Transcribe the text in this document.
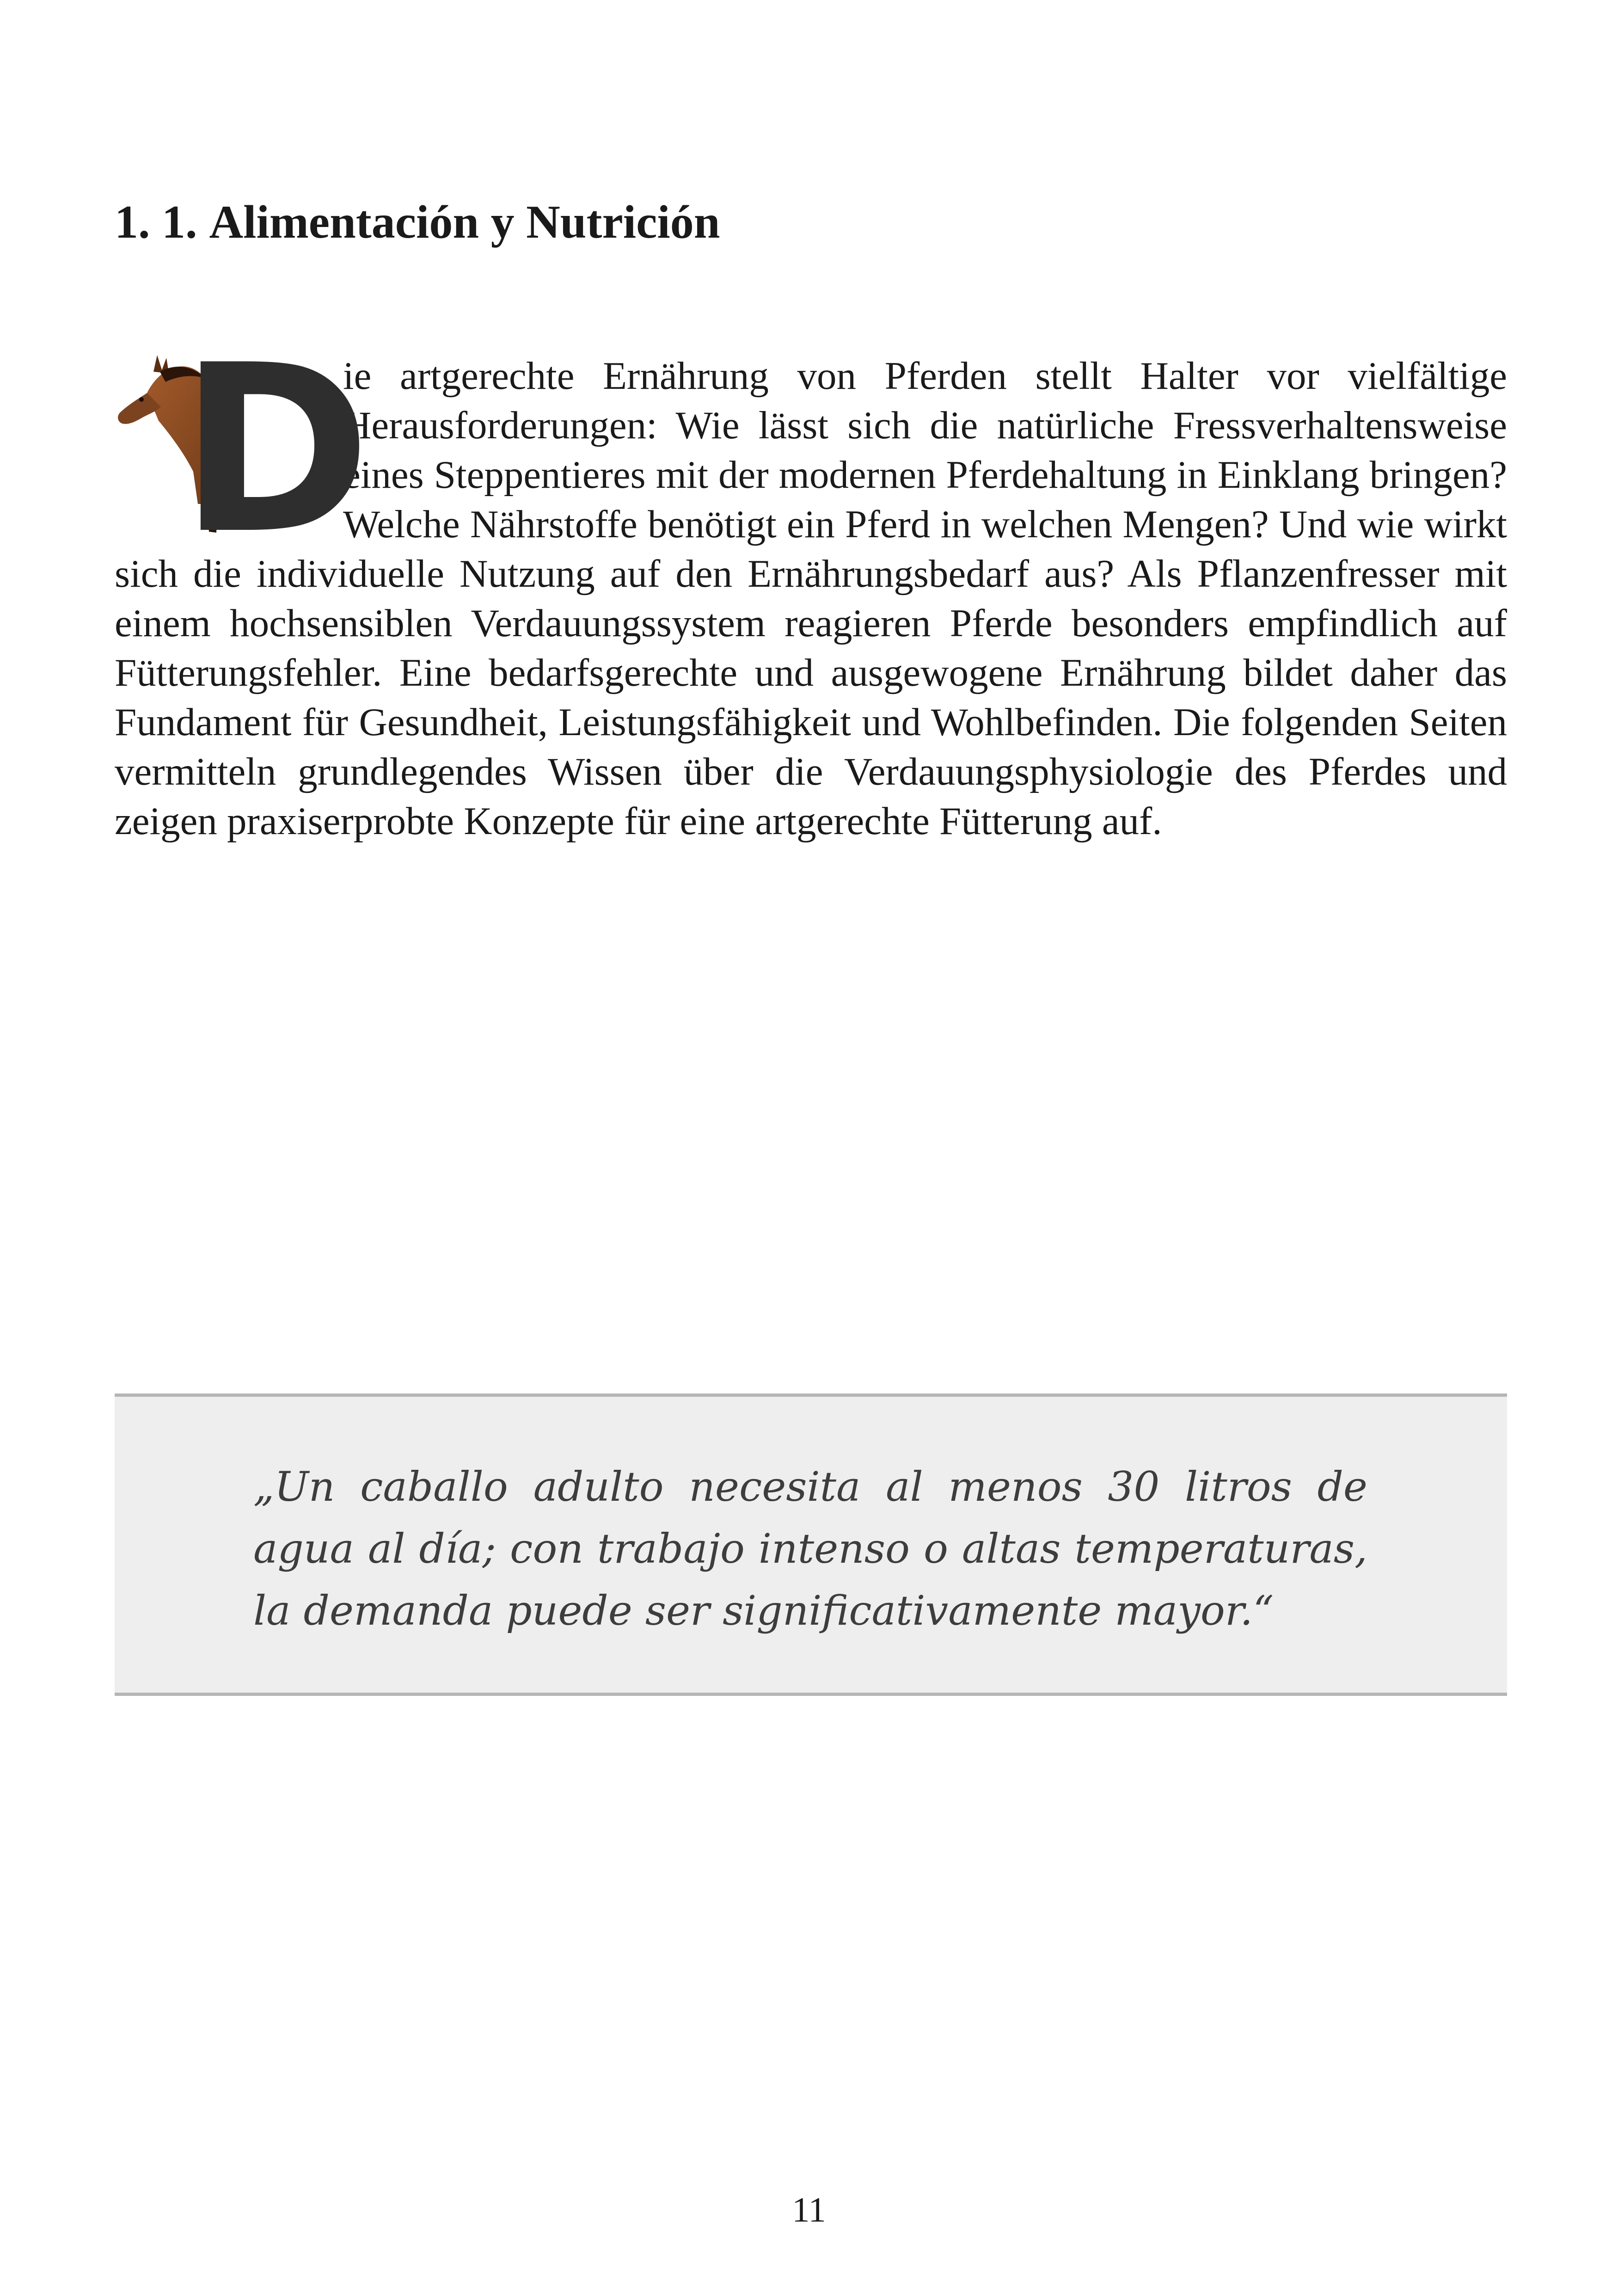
1. 1. Alimentación y Nutrición
D

ie artgerechte Ernährung von Pferden stellt Halter vor vielfältige Herausforderungen: Wie lässt sich die natürliche Fressverhaltensweise eines Steppentieres mit der modernen Pferdehaltung in Einklang bringen? Welche Nährstoffe benötigt ein Pferd in welchen Mengen? Und wie wirkt sich die individuelle Nutzung auf den Ernährungsbedarf aus? Als Pflanzenfresser mit einem hochsensiblen Verdauungssystem reagieren Pferde besonders empfindlich auf Fütterungsfehler. Eine bedarfsgerechte und ausgewogene Ernährung bildet daher das Fundament für Gesundheit, Leistungsfähigkeit und Wohlbefinden. Die folgenden Seiten vermitteln grundlegendes Wissen über die Verdauungsphysiologie des Pferdes und zeigen praxiserprobte Konzepte für eine artgerechte Fütterung auf.

„Un caballo adulto necesita al menos 30 litros de agua al día; con trabajo intenso o altas temperaturas, la demanda puede ser significativamente mayor.“

11
